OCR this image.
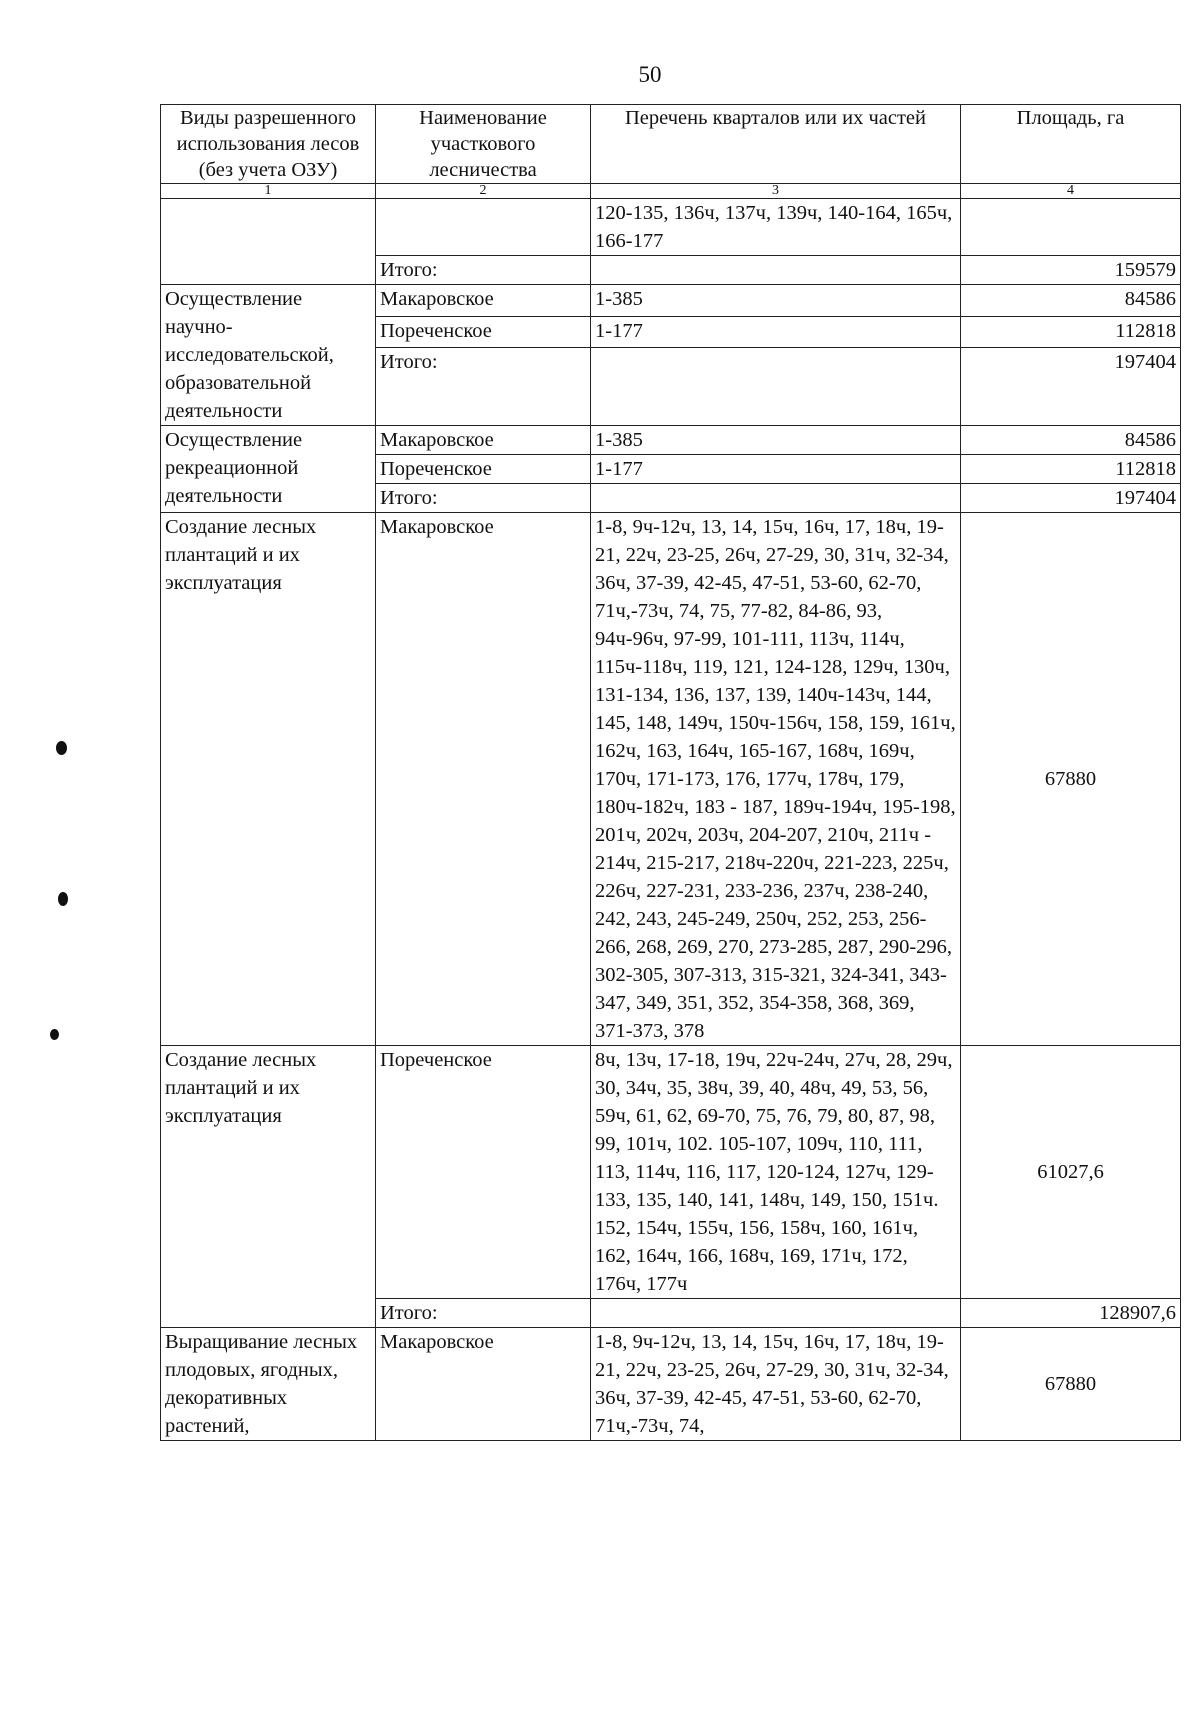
50
Виды разрешенного использования лесов (без учета ОЗУ)	Наименование участкового лесничества	Перечень кварталов или их частей	Площадь, га
1	2	3	4
		120-135, 136ч, 137ч, 139ч, 140-164, 165ч, 166-177	
	Итого:		159579
Осуществление научно-исследовательской, образовательной деятельности	Макаровское	1-385	84586
	Пореченское	1-177	112818
	Итого:		197404
Осуществление рекреационной деятельности	Макаровское	1-385	84586
	Пореченское	1-177	112818
	Итого:		197404
Создание лесных плантаций и их эксплуатация	Макаровское	1-8, 9ч-12ч, 13, 14, 15ч, 16ч, 17, 18ч, 19-21, 22ч, 23-25, 26ч, 27-29, 30, 31ч, 32-34, 36ч, 37-39, 42-45, 47-51, 53-60, 62-70, 71ч,-73ч, 74, 75, 77-82, 84-86, 93, 94ч-96ч, 97-99, 101-111, 113ч, 114ч, 115ч-118ч, 119, 121, 124-128, 129ч, 130ч, 131-134, 136, 137, 139, 140ч-143ч, 144, 145, 148, 149ч, 150ч-156ч, 158, 159, 161ч, 162ч, 163, 164ч, 165-167, 168ч, 169ч, 170ч, 171-173, 176, 177ч, 178ч, 179, 180ч-182ч, 183 - 187, 189ч-194ч, 195-198, 201ч, 202ч, 203ч, 204-207, 210ч, 211ч - 214ч, 215-217, 218ч-220ч, 221-223, 225ч, 226ч, 227-231, 233-236, 237ч, 238-240, 242, 243, 245-249, 250ч, 252, 253, 256-266, 268, 269, 270, 273-285, 287, 290-296, 302-305, 307-313, 315-321, 324-341, 343-347, 349, 351, 352, 354-358, 368, 369, 371-373, 378	67880
Создание лесных плантаций и их эксплуатация	Пореченское	8ч, 13ч, 17-18, 19ч, 22ч-24ч, 27ч, 28, 29ч, 30, 34ч, 35, 38ч, 39, 40, 48ч, 49, 53, 56, 59ч, 61, 62, 69-70, 75, 76, 79, 80, 87, 98, 99, 101ч, 102. 105-107, 109ч, 110, 111, 113, 114ч, 116, 117, 120-124, 127ч, 129-133, 135, 140, 141, 148ч, 149, 150, 151ч. 152, 154ч, 155ч, 156, 158ч, 160, 161ч, 162, 164ч, 166, 168ч, 169, 171ч, 172, 176ч, 177ч	61027,6
	Итого:		128907,6
Выращивание лесных плодовых, ягодных, декоративных растений,	Макаровское	1-8, 9ч-12ч, 13, 14, 15ч, 16ч, 17, 18ч, 19-21, 22ч, 23-25, 26ч, 27-29, 30, 31ч, 32-34, 36ч, 37-39, 42-45, 47-51, 53-60, 62-70, 71ч,-73ч, 74,	67880
